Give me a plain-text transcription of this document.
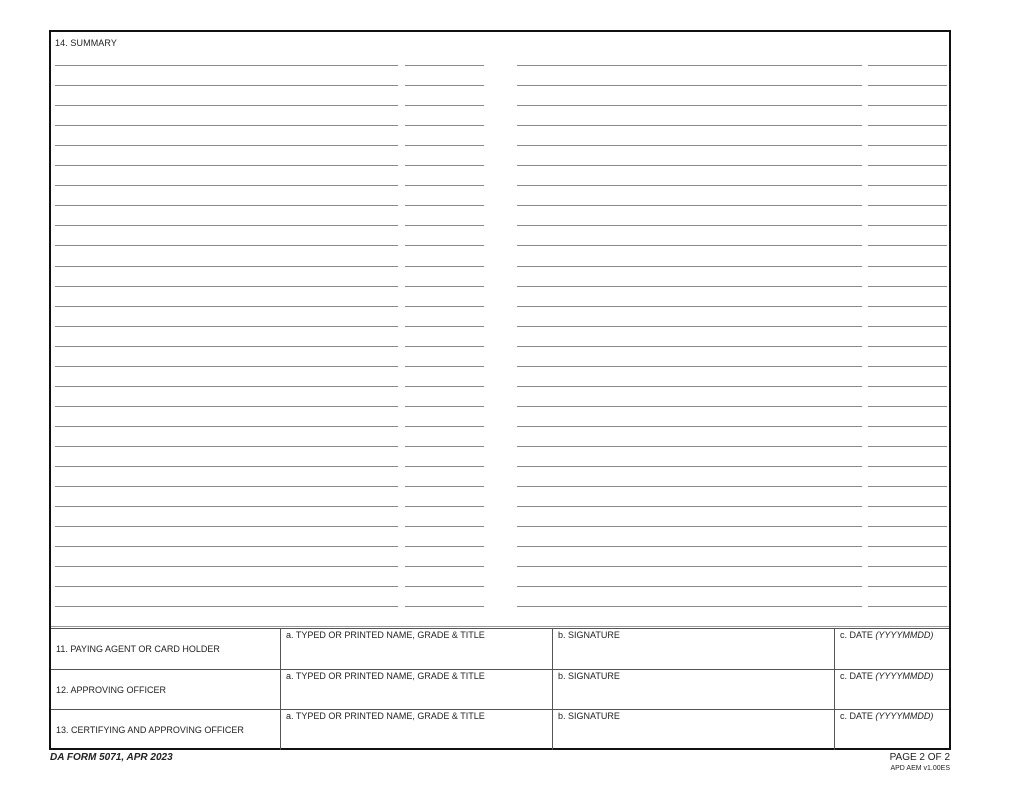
14. SUMMARY
11. PAYING AGENT OR CARD HOLDER
a. TYPED OR PRINTED NAME, GRADE & TITLE	b. SIGNATURE	c. DATE (YYYYMMDD)
12. APPROVING OFFICER
a. TYPED OR PRINTED NAME, GRADE & TITLE	b. SIGNATURE	c. DATE (YYYYMMDD)
13. CERTIFYING AND APPROVING OFFICER
a. TYPED OR PRINTED NAME, GRADE & TITLE	b. SIGNATURE	c. DATE (YYYYMMDD)
DA FORM 5071, APR 2023	PAGE 2 OF 2
APD AEM v1.00ES
